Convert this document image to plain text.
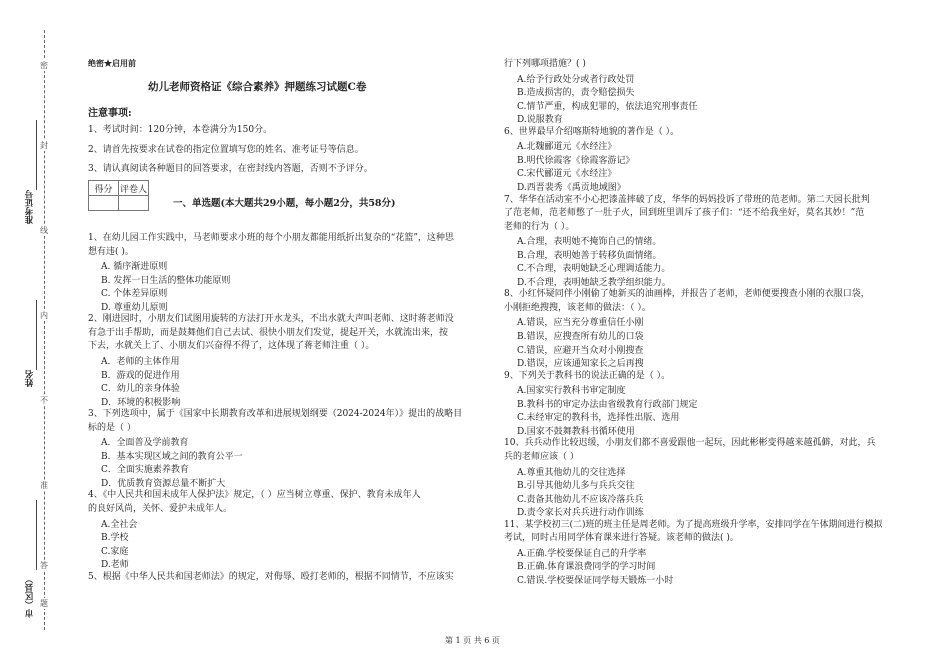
准考证号
姓名
市（区县）
密
封
线
内
不
准
答
题
绝密★启用前
幼儿老师资格证《综合素养》押题练习试题C卷
注意事项:
1、考试时间：120分钟，本卷满分为150分。
2、请首先按要求在试卷的指定位置填写您的姓名、准考证号等信息。
3、请认真阅读各种题目的回答要求，在密封线内答题，否则不予评分。
得分	评卷人

一、单选题(本大题共29小题，每小题2分，共58分)
1、在幼儿园工作实践中，马老师要求小班的每个小朋友都能用纸折出复杂的“花篮”，这种思
想有违( )。
A. 循序渐进原则
B. 发挥一日生活的整体功能原则
C. 个体差异原则
D. 尊重幼儿原则
2、刚进园时，小朋友们试图用旋转的方法打开水龙头，不出水就大声叫老师、这时蒋老师没
有急于出手帮助，而是鼓舞他们自己去试、很快小朋友们发觉，提起开关，水就流出来，按
下去，水就关上了、小朋友们兴奋得不得了，这体现了蒋老师注重（ ）。
A．老师的主体作用
B．游戏的促进作用
C．幼儿的亲身体验
D．环境的积极影响
3、下列选项中，属于《国家中长期教育改革和进展规划纲要（2024-2024年）》提出的战略目
标的是（ ）
A．全面普及学前教育
B．基本实现区域之间的教育公平一
C．全面实施素养教育
D．优质教育资源总量不断扩大
4、《中人民共和国未成年人保护法》规定，（ ）应当树立尊重、保护、教育未成年人
的良好风尚，关怀、爱护未成年人。
A.全社会
B.学校
C.家庭
D.老师
5、根据《中华人民共和国老师法》的规定，对侮辱、殴打老师的，根据不同情节，不应该实
行下列哪项措施？( )
A.给予行政处分或者行政处罚
B.造成损害的，责令赔偿损失
C.情节严重，构成犯罪的，依法追究刑事责任
D.说服教育
6、世界最早介绍喀斯特地貌的著作是（ ）。
A.北魏郦道元《水经注》
B.明代徐霞客《徐霞客游记》
C.宋代郦道元《水经注》
D.西晋裴秀《禹贡地域图》
7、华华在活动室不小心把漆盖摔破了皮，华华的妈妈投诉了带班的范老师。第二天园长批判
了范老师，范老师憋了一肚子火，回到班里训斥了孩子们：“还不给我坐好，莫名其妙！”范
老师的行为（ ）。
A.合理，表明她不掩饰自己的情绪。
B.合理，表明她善于转移负面情绪。
C.不合理，表明她缺乏心理调适能力。
D.不合理，表明她缺乏教学组织能力。
8、小红怀疑同伴小刚偷了她新买的油画棒，并报告了老师，老师便要搜查小刚的衣服口袋，
小刚拒绝搜搜，该老师的做法：（ ）。
A.错误，应当充分尊重信任小刚
B.错误，应搜查所有幼儿的口袋
C.错误，应避开当众对小刚搜查
D.错误，应该通知家长之后再搜
9、下列关于教科书的说法正确的是（ ）。
A.国家实行教科书审定制度
B.教科书的审定办法由省级教育行政部门规定
C.未经审定的教科书，选择性出版、选用
D.国家不鼓舞教科书循环使用
10、兵兵动作比较迟缓，小朋友们都不喜爱跟他一起玩，因此彬彬变得越来越孤僻，对此，兵
兵的老师应该（ ）
A.尊重其他幼儿的交往选择
B.引导其他幼儿多与兵兵交往
C.责备其他幼儿不应该冷落兵兵
D.责令家长对兵兵进行动作训练
11、某学校初三(二)班的班主任是周老师。为了提高班级升学率，安排同学在午体期间进行模拟
考试，同时占用同学体育课来进行答疑。该老师的做法( )。
A.正确.学校要保证自己的升学率
B.正确.体育课浪费同学的学习时间
C.错误.学校要保证同学每天锻炼一小时
第 1 页 共 6 页
